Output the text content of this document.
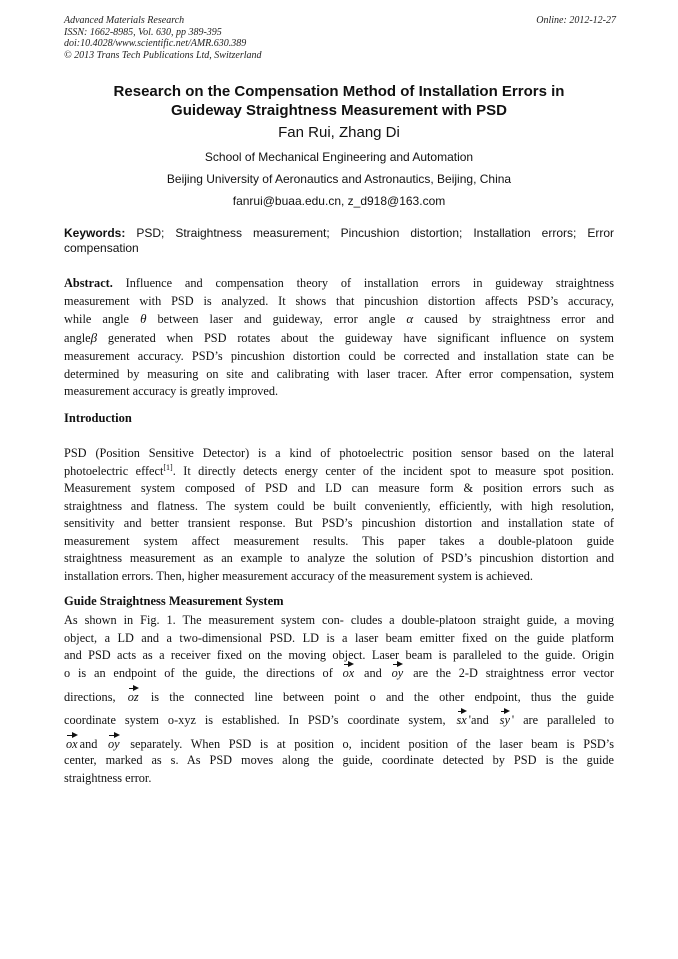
Advanced Materials Research
ISSN: 1662-8985, Vol. 630, pp 389-395
doi:10.4028/www.scientific.net/AMR.630.389
© 2013 Trans Tech Publications Ltd, Switzerland
Online: 2012-12-27
Research on the Compensation Method of Installation Errors in
Guideway Straightness Measurement with PSD
Fan Rui, Zhang Di
School of Mechanical Engineering and Automation
Beijing University of Aeronautics and Astronautics, Beijing, China
fanrui@buaa.edu.cn, z_d918@163.com
Keywords: PSD; Straightness measurement; Pincushion distortion; Installation errors; Error compensation
Abstract. Influence and compensation theory of installation errors in guideway straightness
measurement with PSD is analyzed. It shows that pincushion distortion affects PSD’s accuracy,
while angle θ between laser and guideway, error angle α caused by straightness error and
angleβ generated when PSD rotates about the guideway have significant influence on system
measurement accuracy. PSD’s pincushion distortion could be corrected and installation state can be
determined by measuring on site and calibrating with laser tracer. After error compensation, system
measurement accuracy is greatly improved.
Introduction
PSD (Position Sensitive Detector) is a kind of photoelectric position sensor based on the lateral
photoelectric effect[1]. It directly detects energy center of the incident spot to measure spot position.
Measurement system composed of PSD and LD can measure form & position errors such as
straightness and flatness. The system could be built conveniently, efficiently, with high resolution,
sensitivity and better transient response. But PSD’s pincushion distortion and installation state of
measurement system affect measurement results. This paper takes a double-platoon guide
straightness measurement as an example to analyze the solution of PSD’s pincushion distortion and
installation errors. Then, higher measurement accuracy of the measurement system is achieved.
Guide Straightness Measurement System
As shown in Fig. 1. The measurement system con- cludes a double-platoon straight guide, a moving
object, a LD and a two-dimensional PSD. LD is a laser beam emitter fixed on the guide platform
and PSD acts as a receiver fixed on the moving object. Laser beam is paralleled to the guide. Origin
o is an endpoint of the guide, the directions of ox and oy are the 2-D straightness error vector
directions, oz is the connected line between point o and the other endpoint, thus the guide
coordinate system o-xyz is established. In PSD’s coordinate system, sx 'and sy ' are paralleled to
ox and oy separately. When PSD is at position o, incident position of the laser beam is PSD’s
center, marked as s. As PSD moves along the guide, coordinate detected by PSD is the guide
straightness error.
